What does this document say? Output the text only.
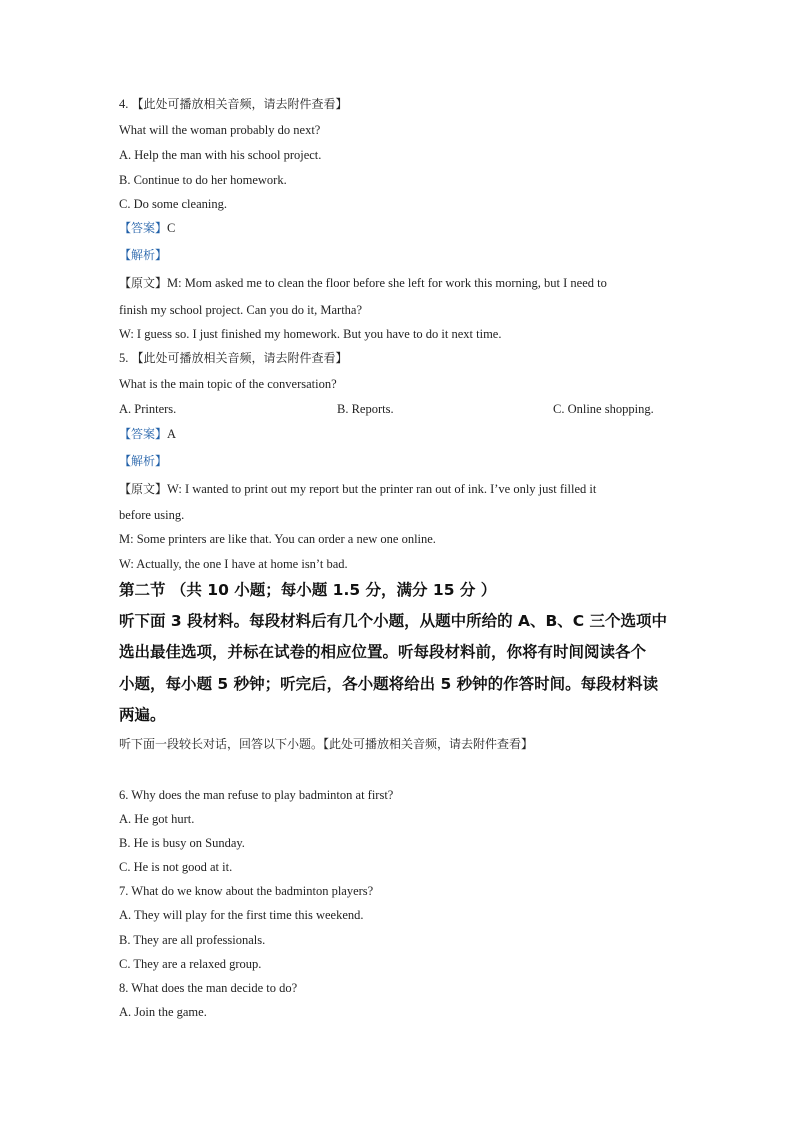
4. 【此处可播放相关音频，请去附件查看】
What will the woman probably do next?
A. Help the man with his school project.
B. Continue to do her homework.
C. Do some cleaning.
【答案】C
【解析】
【原文】M: Mom asked me to clean the floor before she left for work this morning, but I need to
finish my school project. Can you do it, Martha?
W: I guess so. I just finished my homework. But you have to do it next time.
5. 【此处可播放相关音频，请去附件查看】
What is the main topic of the conversation?
A. Printers.	B. Reports.	C. Online shopping.
【答案】A
【解析】
【原文】W: I wanted to print out my report but the printer ran out of ink. I’ve only just filled it
before using.
M: Some printers are like that. You can order a new one online.
W: Actually, the one I have at home isn’t bad.
第二节 （共 10 小题；每小题 1.5 分，满分 15 分 ）
听下面 3 段材料。每段材料后有几个小题，从题中所给的 A、B、C 三个选项中
选出最佳选项，并标在试卷的相应位置。听每段材料前，你将有时间阅读各个
小题，每小题 5 秒钟；听完后，各小题将给出 5 秒钟的作答时间。每段材料读
两遍。
听下面一段较长对话，回答以下小题。【此处可播放相关音频，请去附件查看】
6. Why does the man refuse to play badminton at first?
A. He got hurt.
B. He is busy on Sunday.
C. He is not good at it.
7. What do we know about the badminton players?
A. They will play for the first time this weekend.
B. They are all professionals.
C. They are a relaxed group.
8. What does the man decide to do?
A. Join the game.
